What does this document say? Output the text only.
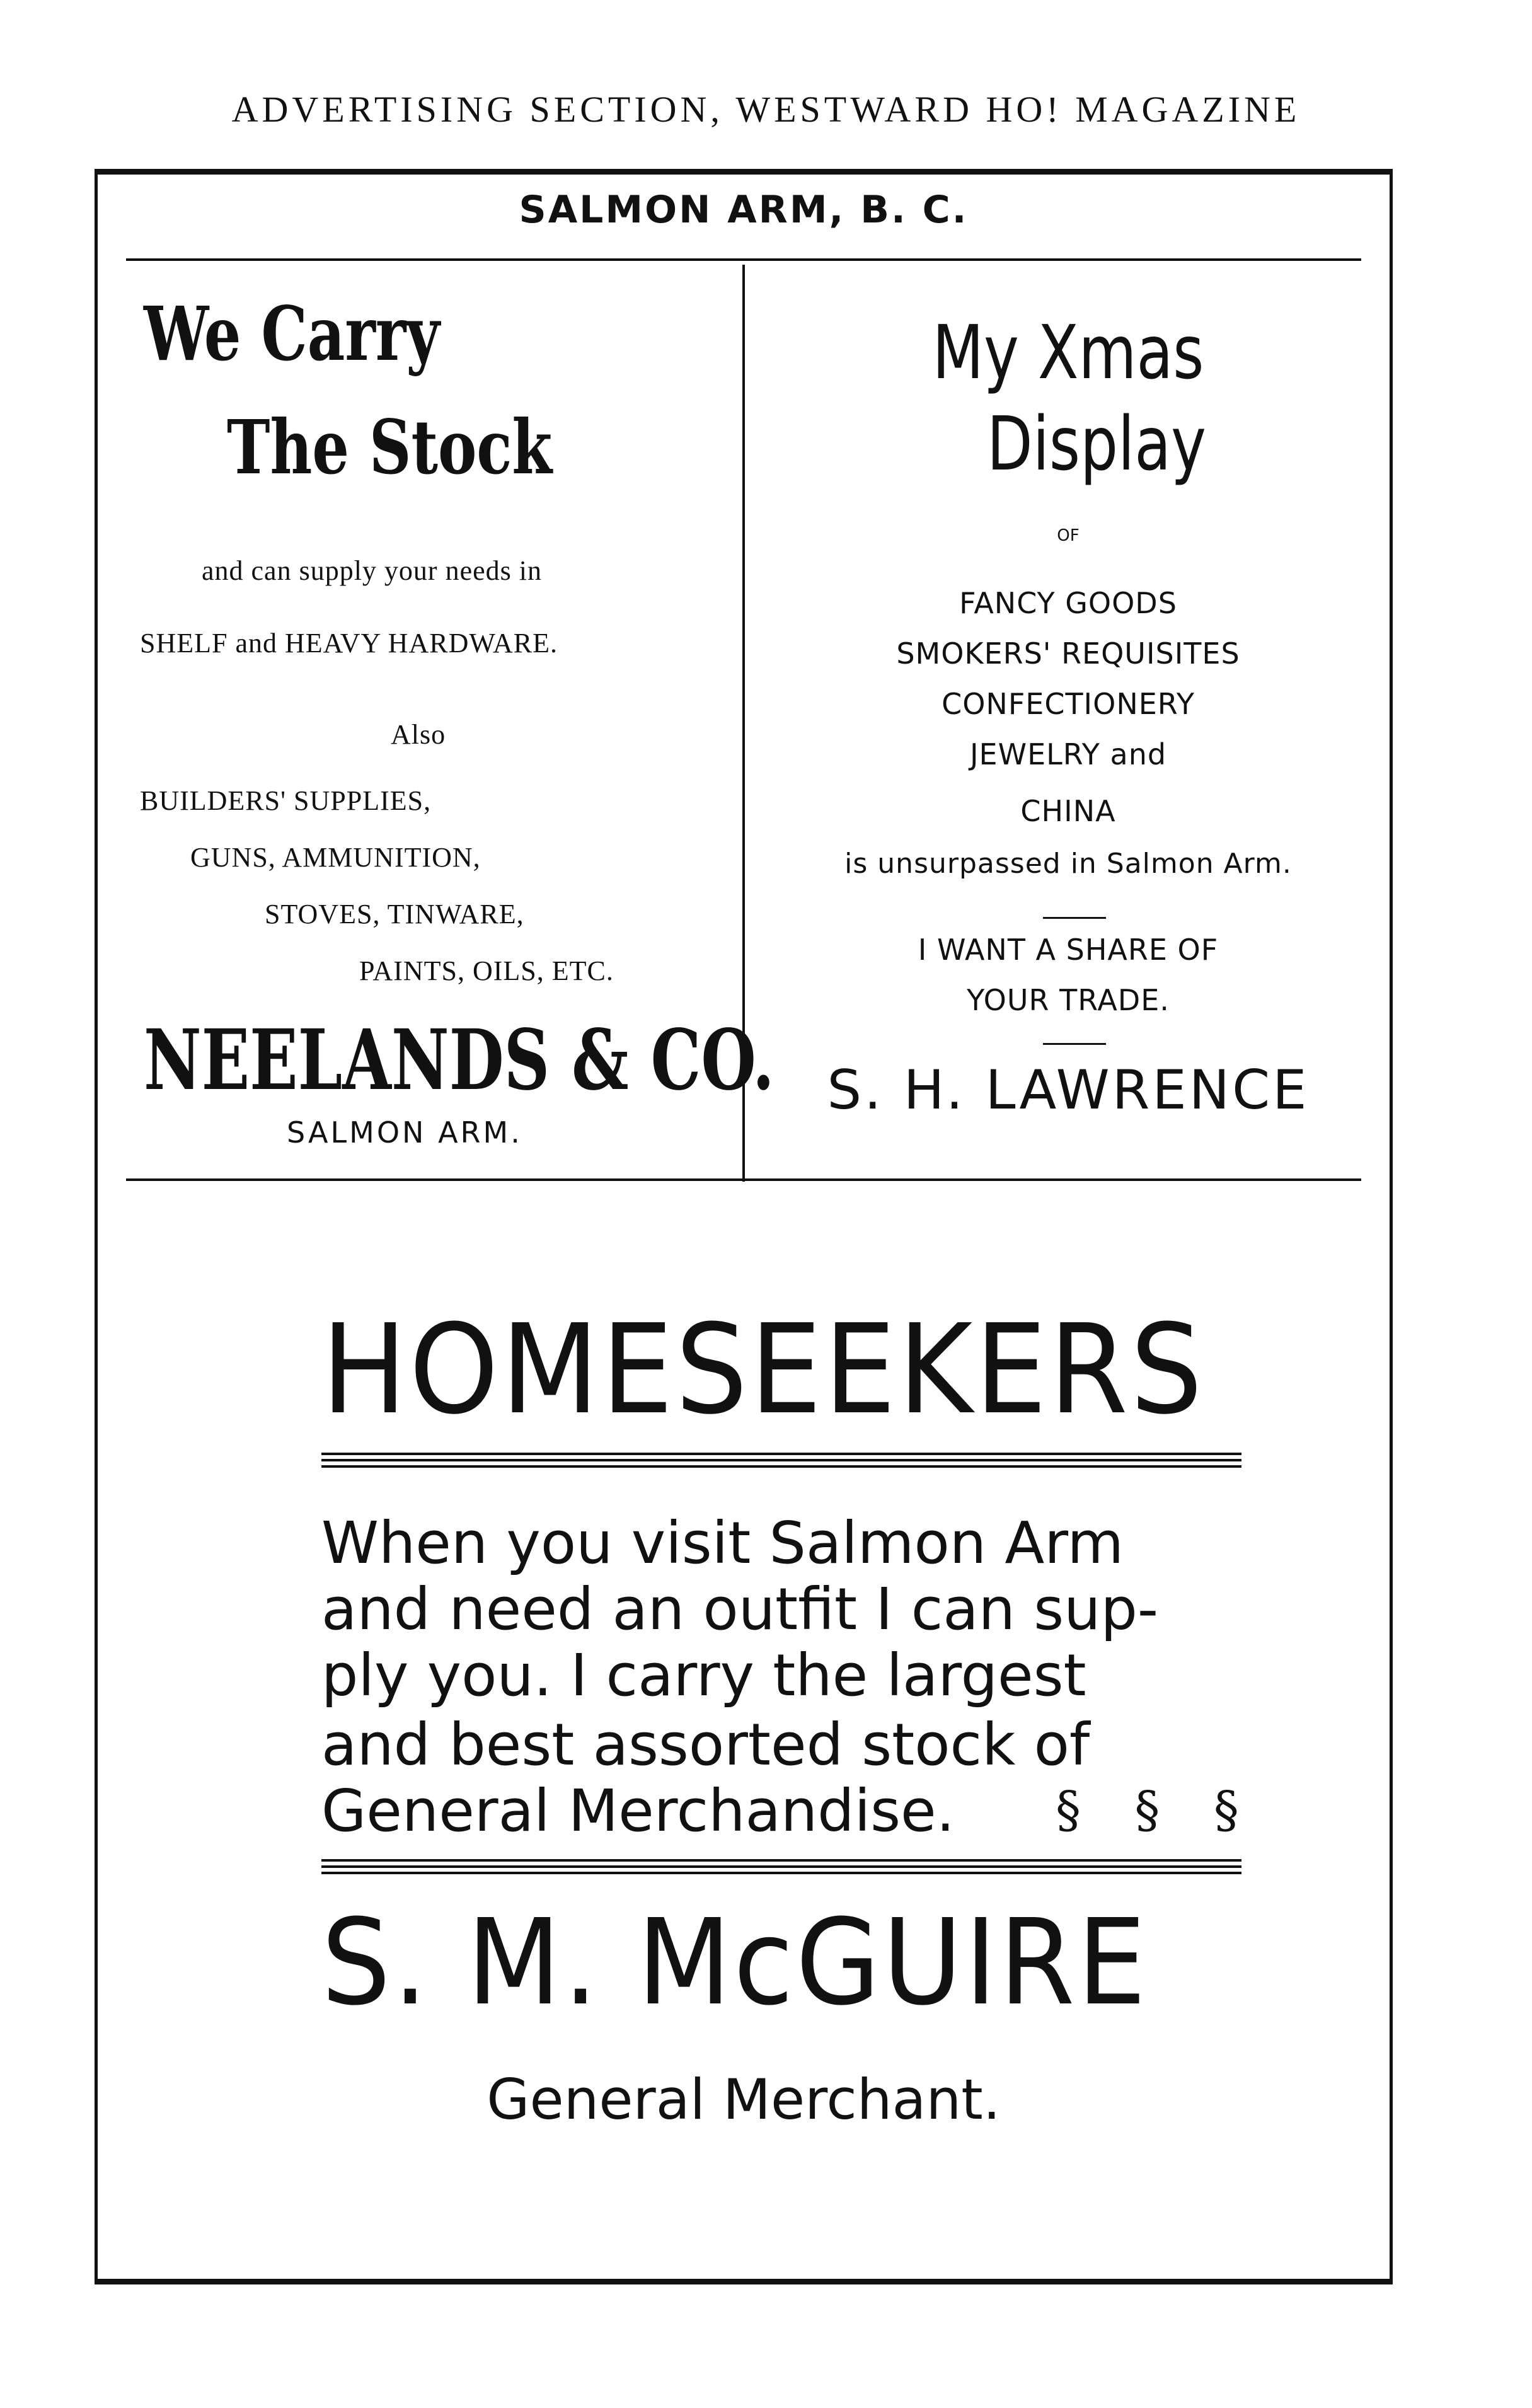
ADVERTISING SECTION, WESTWARD HO! MAGAZINE
SALMON ARM, B. C.
We Carry
The Stock
and can supply your needs in
SHELF and HEAVY HARDWARE.
Also
BUILDERS' SUPPLIES,
GUNS, AMMUNITION,
STOVES, TINWARE,
PAINTS, OILS, ETC.
NEELANDS & CO.
SALMON ARM.
My Xmas
Display
OF
FANCY GOODS
SMOKERS' REQUISITES
CONFECTIONERY
JEWELRY and
CHINA
is unsurpassed in Salmon Arm.
I WANT A SHARE OF
YOUR TRADE.
S. H. LAWRENCE
HOMESEEKERS
When you visit Salmon Arm
and need an outfit I can sup-
ply you. I carry the largest
and best assorted stock of
General Merchandise.	§ § §
S. M. McGUIRE
General Merchant.
